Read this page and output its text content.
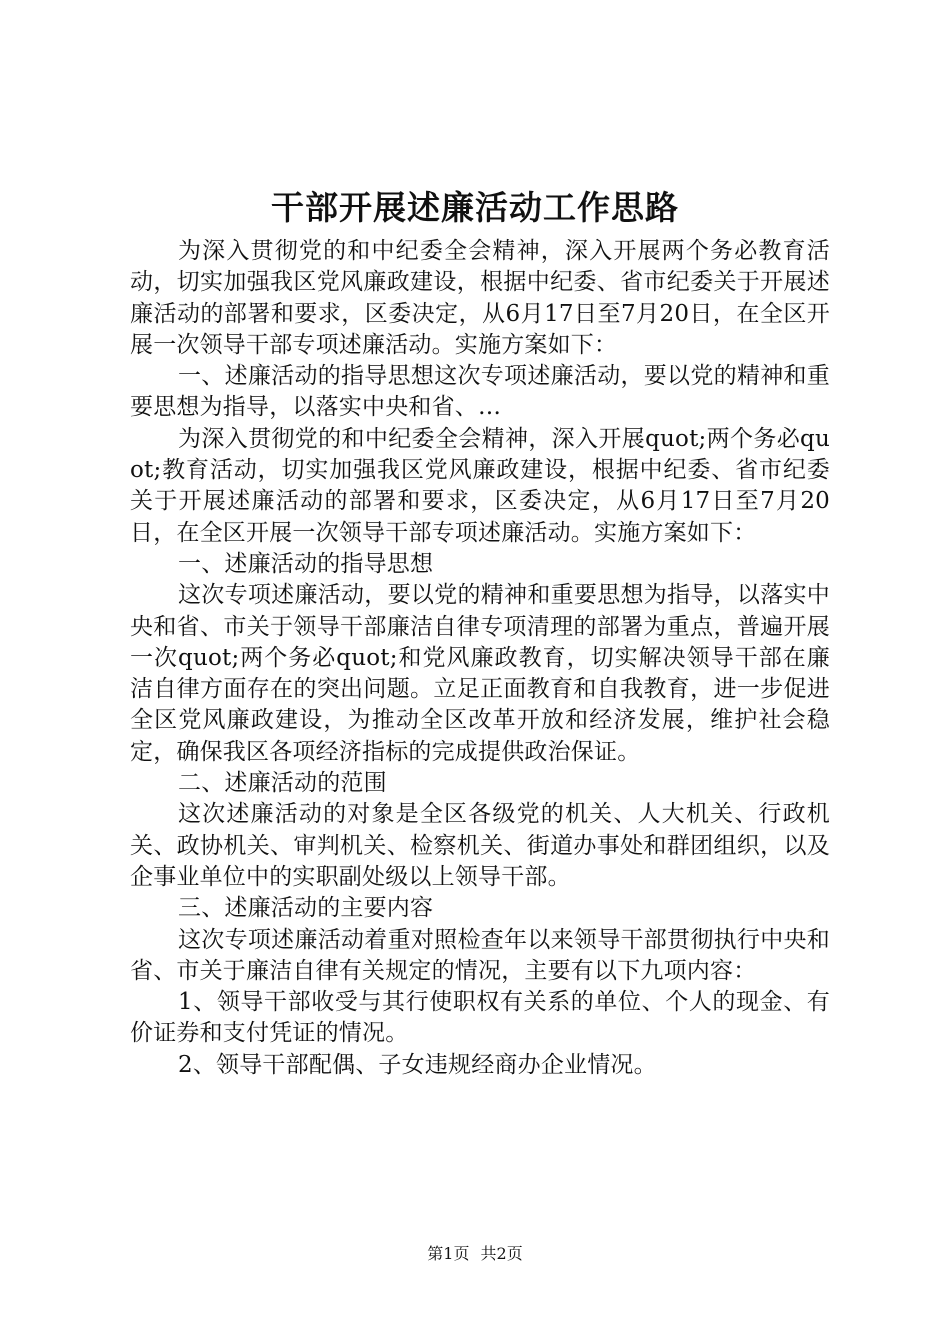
干部开展述廉活动工作思路

为深入贯彻党的和中纪委全会精神，深入开展两个务必教育活动，切实加强我区党风廉政建设，根据中纪委、省市纪委关于开展述廉活动的部署和要求，区委决定，从6月17日至7月20日，在全区开展一次领导干部专项述廉活动。实施方案如下：

一、述廉活动的指导思想这次专项述廉活动，要以党的精神和重要思想为指导，以落实中央和省、…

为深入贯彻党的和中纪委全会精神，深入开展quot;两个务必quot;教育活动，切实加强我区党风廉政建设，根据中纪委、省市纪委关于开展述廉活动的部署和要求，区委决定，从6月17日至7月20日，在全区开展一次领导干部专项述廉活动。实施方案如下：

一、述廉活动的指导思想

这次专项述廉活动，要以党的精神和重要思想为指导，以落实中央和省、市关于领导干部廉洁自律专项清理的部署为重点，普遍开展一次quot;两个务必quot;和党风廉政教育，切实解决领导干部在廉洁自律方面存在的突出问题。立足正面教育和自我教育，进一步促进全区党风廉政建设，为推动全区改革开放和经济发展，维护社会稳定，确保我区各项经济指标的完成提供政治保证。

二、述廉活动的范围

这次述廉活动的对象是全区各级党的机关、人大机关、行政机关、政协机关、审判机关、检察机关、街道办事处和群团组织，以及企事业单位中的实职副处级以上领导干部。

三、述廉活动的主要内容

这次专项述廉活动着重对照检查年以来领导干部贯彻执行中央和省、市关于廉洁自律有关规定的情况，主要有以下九项内容：

1、领导干部收受与其行使职权有关系的单位、个人的现金、有价证券和支付凭证的情况。

2、领导干部配偶、子女违规经商办企业情况。

第1页 共2页
